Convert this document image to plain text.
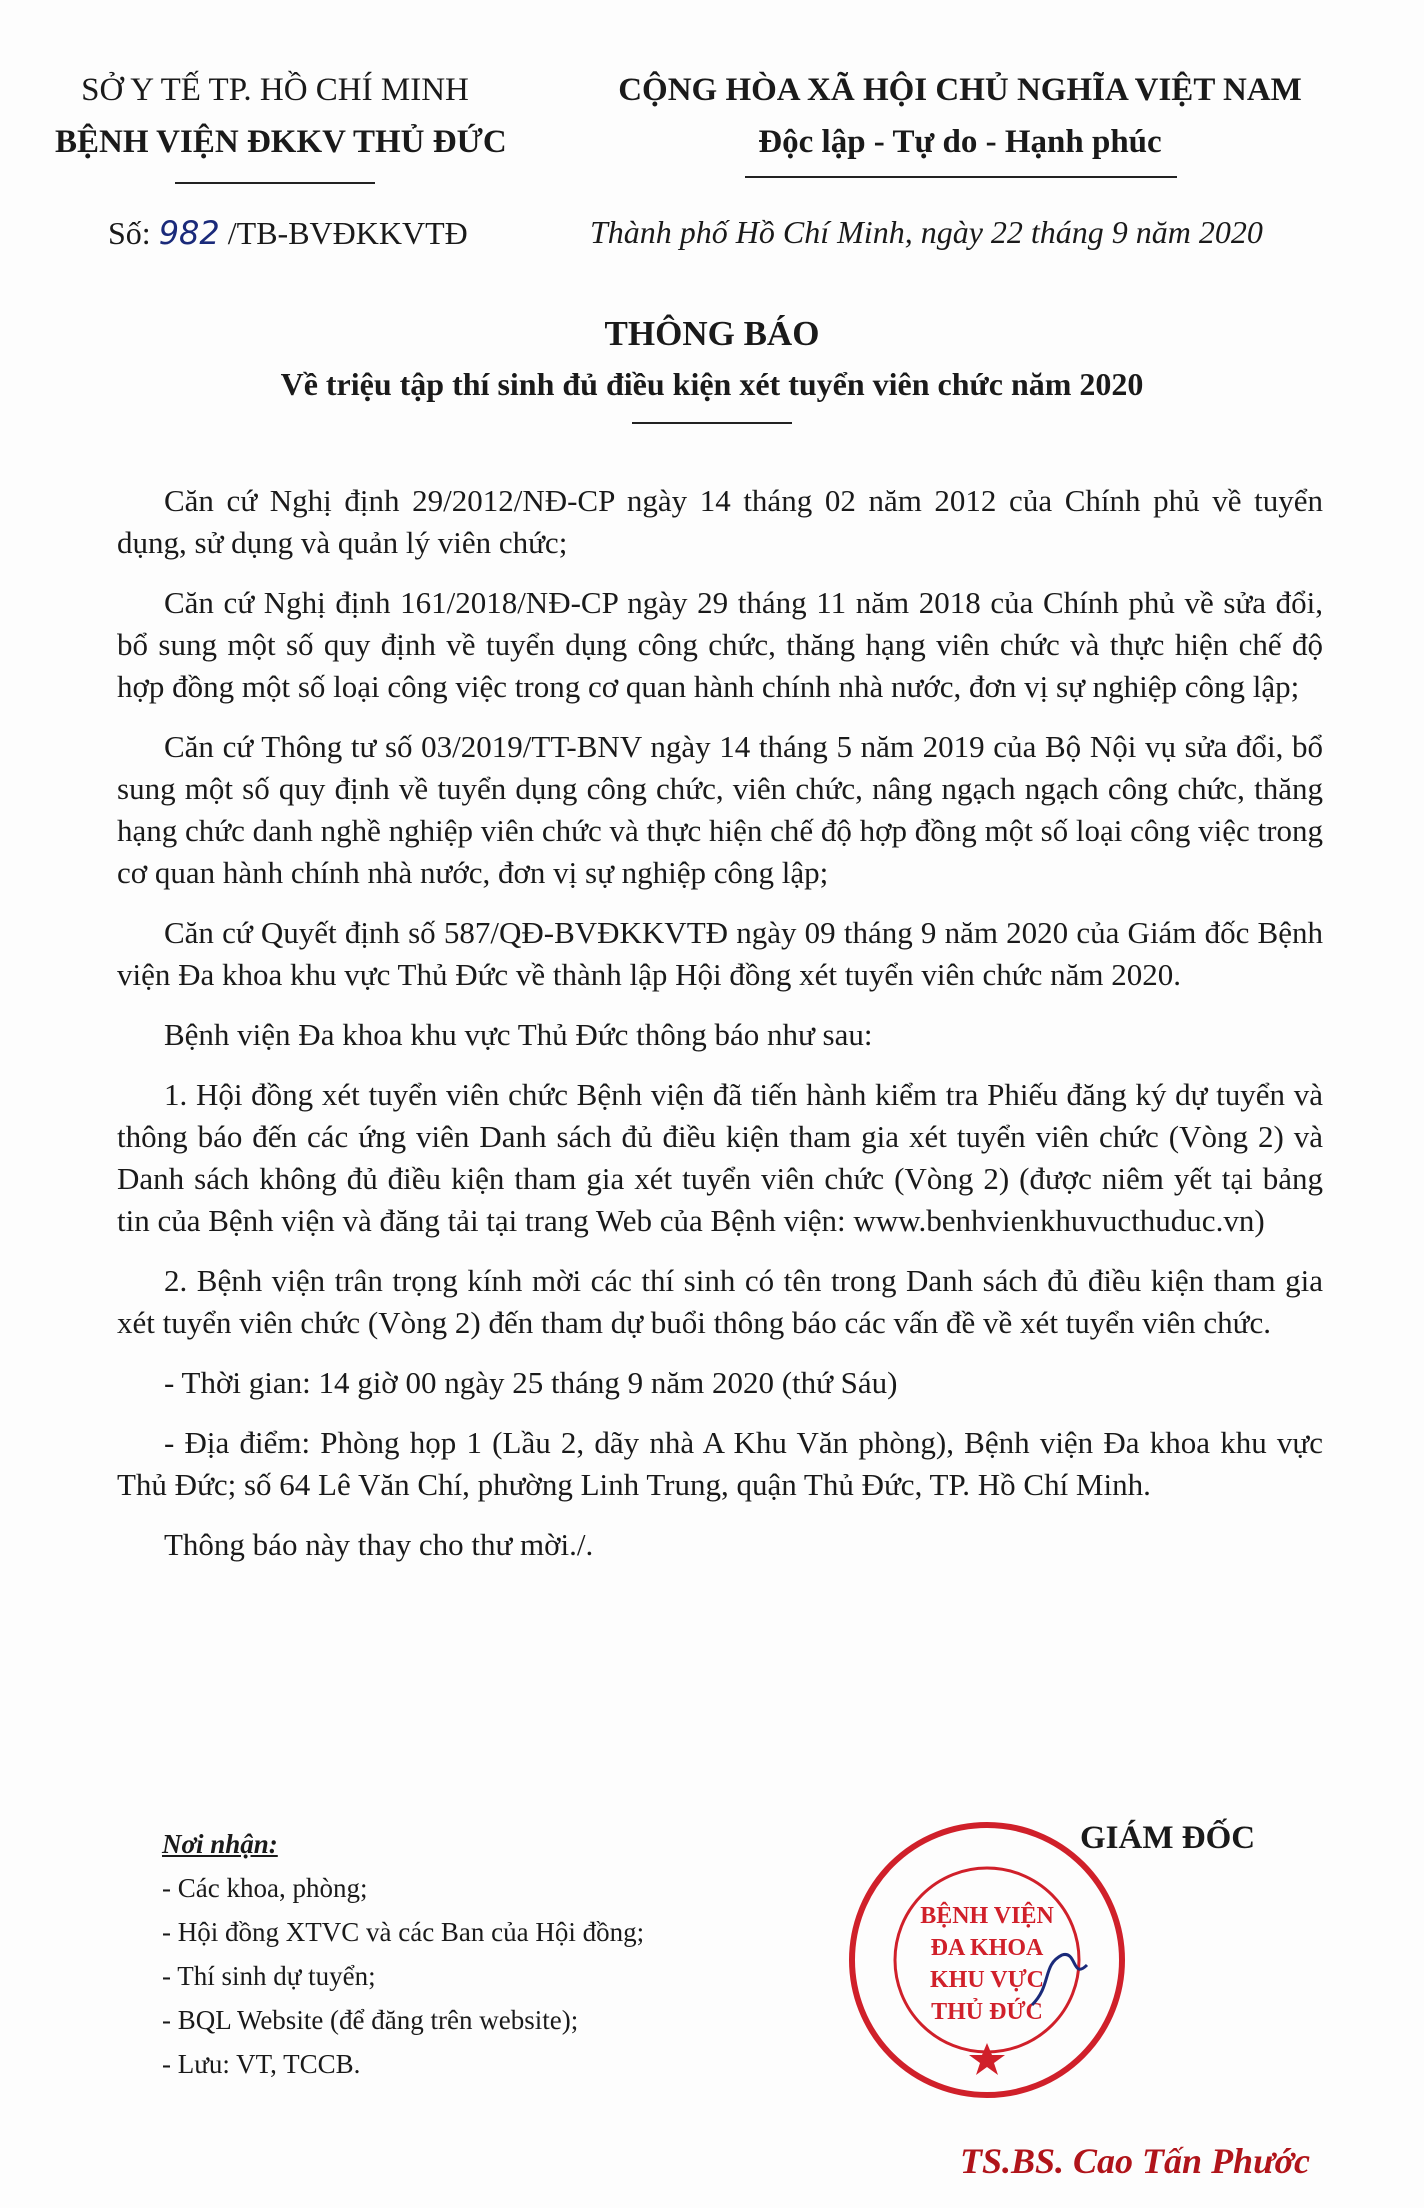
SỞ Y TẾ TP. HỒ CHÍ MINH
BỆNH VIỆN ĐKKV THỦ ĐỨC
CỘNG HÒA XÃ HỘI CHỦ NGHĨA VIỆT NAM
Độc lập - Tự do - Hạnh phúc
Số: 982 /TB-BVĐKKVTĐ	Thành phố Hồ Chí Minh, ngày 22 tháng 9 năm 2020
THÔNG BÁO
Về triệu tập thí sinh đủ điều kiện xét tuyển viên chức năm 2020

Căn cứ Nghị định 29/2012/NĐ-CP ngày 14 tháng 02 năm 2012 của Chính phủ về tuyển dụng, sử dụng và quản lý viên chức;

Căn cứ Nghị định 161/2018/NĐ-CP ngày 29 tháng 11 năm 2018 của Chính phủ về sửa đổi, bổ sung một số quy định về tuyển dụng công chức, thăng hạng viên chức và thực hiện chế độ hợp đồng một số loại công việc trong cơ quan hành chính nhà nước, đơn vị sự nghiệp công lập;

Căn cứ Thông tư số 03/2019/TT-BNV ngày 14 tháng 5 năm 2019 của Bộ Nội vụ sửa đổi, bổ sung một số quy định về tuyển dụng công chức, viên chức, nâng ngạch ngạch công chức, thăng hạng chức danh nghề nghiệp viên chức và thực hiện chế độ hợp đồng một số loại công việc trong cơ quan hành chính nhà nước, đơn vị sự nghiệp công lập;

Căn cứ Quyết định số 587/QĐ-BVĐKKVTĐ ngày 09 tháng 9 năm 2020 của Giám đốc Bệnh viện Đa khoa khu vực Thủ Đức về thành lập Hội đồng xét tuyển viên chức năm 2020.

Bệnh viện Đa khoa khu vực Thủ Đức thông báo như sau:

1. Hội đồng xét tuyển viên chức Bệnh viện đã tiến hành kiểm tra Phiếu đăng ký dự tuyển và thông báo đến các ứng viên Danh sách đủ điều kiện tham gia xét tuyển viên chức (Vòng 2) và Danh sách không đủ điều kiện tham gia xét tuyển viên chức (Vòng 2) (được niêm yết tại bảng tin của Bệnh viện và đăng tải tại trang Web của Bệnh viện: www.benhvienkhuvucthuduc.vn)

2. Bệnh viện trân trọng kính mời các thí sinh có tên trong Danh sách đủ điều kiện tham gia xét tuyển viên chức (Vòng 2) đến tham dự buổi thông báo các vấn đề về xét tuyển viên chức.

- Thời gian: 14 giờ 00 ngày 25 tháng 9 năm 2020 (thứ Sáu)

- Địa điểm: Phòng họp 1 (Lầu 2, dãy nhà A Khu Văn phòng), Bệnh viện Đa khoa khu vực Thủ Đức; số 64 Lê Văn Chí, phường Linh Trung, quận Thủ Đức, TP. Hồ Chí Minh.

Thông báo này thay cho thư mời./.

Nơi nhận:
- Các khoa, phòng;
- Hội đồng XTVC và các Ban của Hội đồng;
- Thí sinh dự tuyển;
- BQL Website (để đăng trên website);
- Lưu: VT, TCCB.
BỆNH VIỆN
ĐA KHOA
KHU VỰC
THỦ ĐỨC
GIÁM ĐỐC
TS.BS. Cao Tấn Phước
